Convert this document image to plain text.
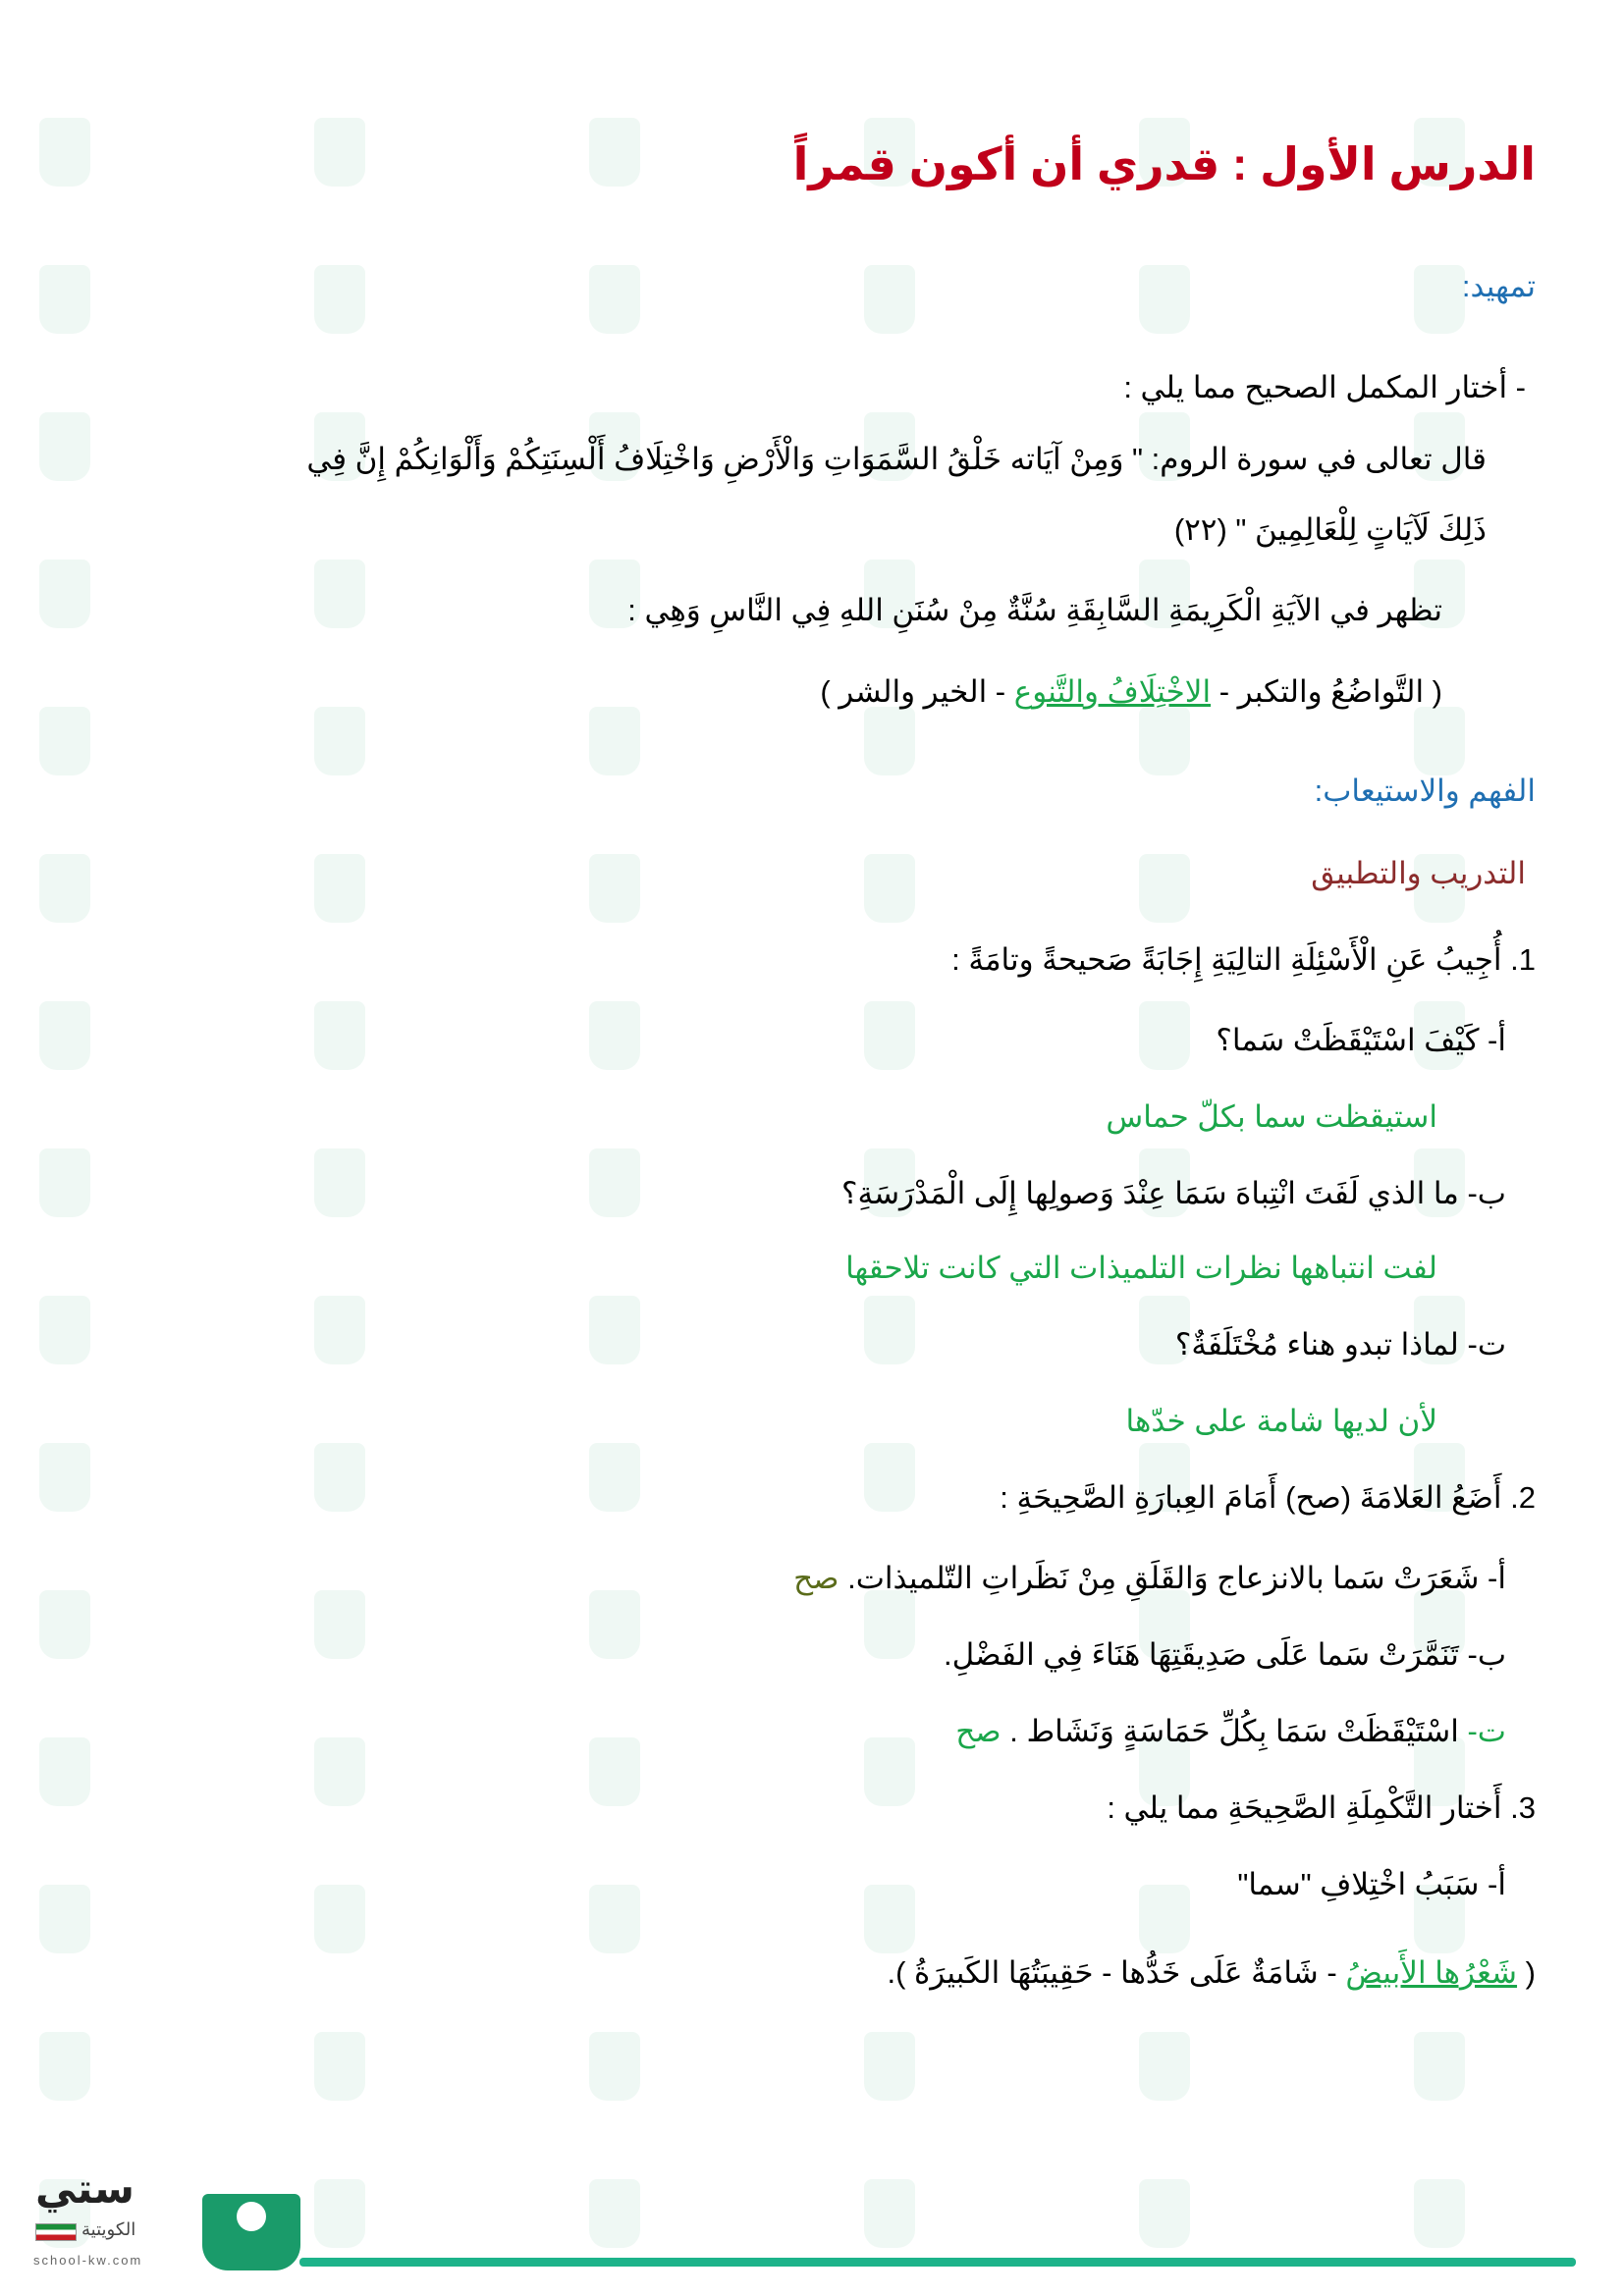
الدرس الأول : قدري أن أكون قمراً
تمهيد:
- أختار المكمل الصحيح مما يلي :
قال تعالى في سورة الروم: " وَمِنْ آيَاته خَلْقُ السَّمَوَاتِ وَالْأَرْضِ وَاخْتِلَافُ أَلْسِنَتِكُمْ وَأَلْوَانِكُمْ إِنَّ فِي
ذَلِكَ لَآيَاتٍ لِلْعَالِمِينَ " (٢٢)
تظهر في الآيَةِ الْكَرِيمَةِ السَّابِقَةِ سُنَّةٌ مِنْ سُنَنِ اللهِ فِي النَّاسِ وَهِي :
( التَّواضُعُ والتكبر - الاخْتِلَافُ والتَّنوع - الخير والشر )
الفهم والاستيعاب:
التدريب والتطبيق
1. أُجِيبُ عَنِ الْأَسْئِلَةِ التالِيَةِ إِجَابَةً صَحيحةً وتامَةً :
أ- كَيْفَ اسْتَيْقَظَتْ سَما؟
استيقظت سما بكلّ حماس
ب- ما الذي لَفَتَ انْتِباهَ سَمَا عِنْدَ وَصولِها إِلَى الْمَدْرَسَةِ؟
لفت انتباهها نظرات التلميذات التي كانت تلاحقها
ت- لماذا تبدو هناء مُخْتَلَفَةٌ؟
لأن لديها شامة على خدّها
2. أَضَعُ العَلامَةَ (صح) أَمَامَ العِبارَةِ الصَّحِيحَةِ :
أ- شَعَرَتْ سَما بالانزعاج وَالقَلَقِ مِنْ نَظَراتِ التّلميذات. صح
ب- تَنَمَّرَتْ سَما عَلَى صَدِيقَتِهَا هَنَاءَ فِي الفَضْلِ.
ت- اسْتَيْقَظَتْ سَمَا بِكُلِّ حَمَاسَةٍ وَنَشَاط . صح
3. أَختار التَّكْمِلَةِ الصَّحِيحَةِ مما يلي :
أ- سَبَبُ اخْتِلافِ "سما"
( شَعْرُها الأَبيضُ - شَامَةٌ عَلَى خَدُّها - حَقِيبَتُهَا الكَبيرَةُ ).
ستي
الكويتية
school-kw.com
